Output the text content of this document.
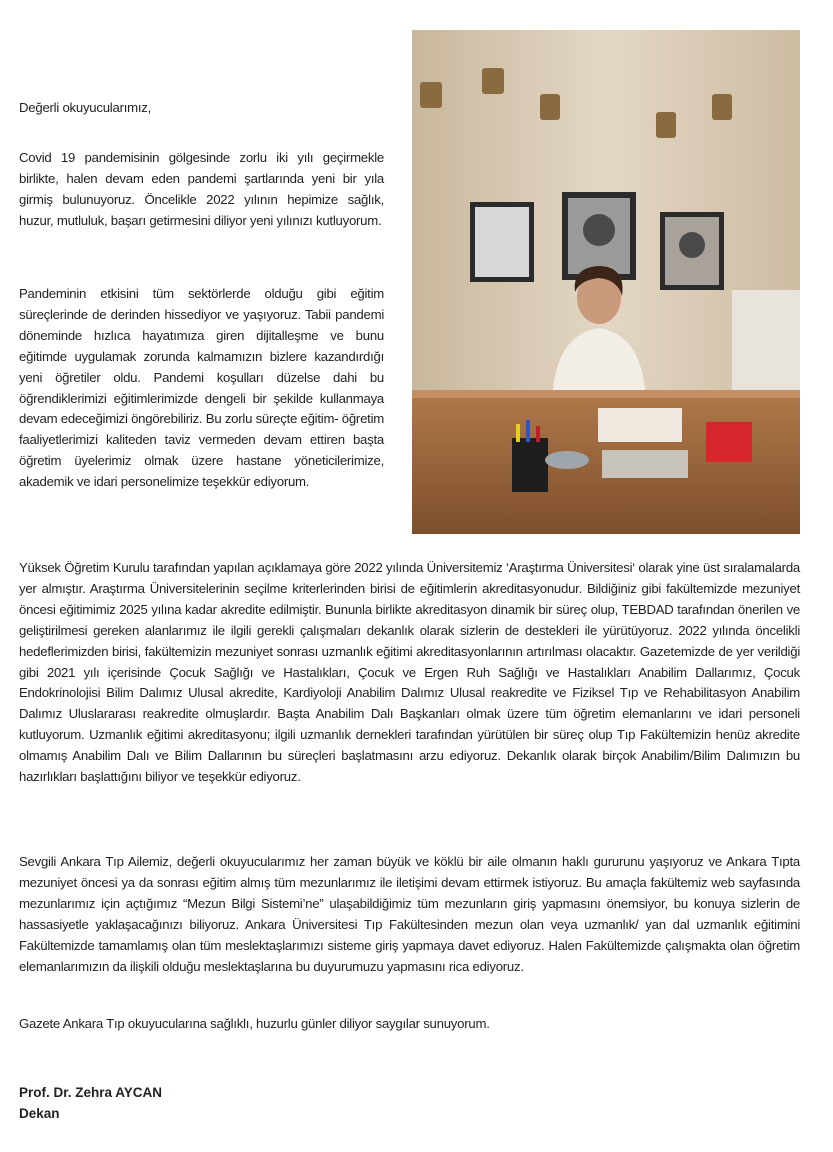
Değerli okuyucularımız,

Covid 19 pandemisinin gölgesinde zorlu iki yılı geçirmekle birlikte, halen devam eden pandemi şartlarında yeni bir yıla girmiş bulunuyoruz. Öncelikle 2022 yılının hepimize sağlık, huzur, mutluluk, başarı getirmesini diliyor yeni yılınızı kutluyorum.

Pandeminin etkisini tüm sektörlerde olduğu gibi eğitim süreçlerinde de derinden hissediyor ve yaşıyoruz. Tabii pandemi döneminde hızlıca hayatımıza giren dijitalleşme ve bunu eğitimde uygulamak zorunda kalmamızın bizlere kazandırdığı yeni öğretiler oldu. Pandemi koşulları düzelse dahi bu öğrendiklerimizi eğitimlerimizde dengeli bir şekilde kullanmaya devam edeceğimizi öngörebiliriz. Bu zorlu süreçte eğitim- öğretim faaliyetlerimizi kaliteden taviz vermeden devam ettiren başta öğretim üyelerimiz olmak üzere hastane yöneticilerimize, akademik ve idari personelimize teşekkür ediyorum.

Yüksek Öğretim Kurulu tarafından yapılan açıklamaya göre 2022 yılında Üniversitemiz ‘Araştırma Üniversitesi‘ olarak yine üst sıralamalarda yer almıştır. Araştırma Üniversitelerinin seçilme kriterlerinden birisi de eğitimlerin akreditasyonudur. Bildiğiniz gibi fakültemizde mezuniyet öncesi eğitimimiz 2025 yılına kadar akredite edilmiştir. Bununla birlikte akreditasyon dinamik bir süreç olup, TEBDAD tarafından önerilen ve geliştirilmesi gereken alanlarımız ile ilgili gerekli çalışmaları dekanlık olarak sizlerin de destekleri ile yürütüyoruz. 2022 yılında öncelikli hedeflerimizden birisi, fakültemizin mezuniyet sonrası uzmanlık eğitimi akreditasyonlarının artırılması olacaktır. Gazetemizde de yer verildiği gibi 2021 yılı içerisinde Çocuk Sağlığı ve Hastalıkları, Çocuk ve Ergen Ruh Sağlığı ve Hastalıkları Anabilim Dallarımız, Çocuk Endokrinolojisi Bilim Dalımız Ulusal akredite, Kardiyoloji Anabilim Dalımız Ulusal reakredite ve Fiziksel Tıp ve Rehabilitasyon Anabilim Dalımız Uluslararası reakredite olmuşlardır. Başta Anabilim Dalı Başkanları olmak üzere tüm öğretim elemanlarını ve idari personeli kutluyorum. Uzmanlık eğitimi akreditasyonu; ilgili uzmanlık dernekleri tarafından yürütülen bir süreç olup Tıp Fakültemizin henüz akredite olmamış Anabilim Dalı ve Bilim Dallarının bu süreçleri başlatmasını arzu ediyoruz. Dekanlık olarak birçok Anabilim/Bilim Dalımızın bu hazırlıkları başlattığını biliyor ve teşekkür ediyoruz.

Sevgili Ankara Tıp Ailemiz, değerli okuyucularımız her zaman büyük ve köklü bir aile olmanın haklı gururunu yaşıyoruz ve Ankara Tıpta mezuniyet öncesi ya da sonrası eğitim almış tüm mezunlarımız ile iletişimi devam ettirmek istiyoruz. Bu amaçla fakültemiz web sayfasında mezunlarımız için açtığımız “Mezun Bilgi Sistemi’ne” ulaşabildiğimiz tüm mezunların giriş yapmasını önemsiyor, bu konuya sizlerin de hassasiyetle yaklaşacağınızı biliyoruz. Ankara Üniversitesi Tıp Fakültesinden mezun olan veya uzmanlık/ yan dal uzmanlık eğitimini Fakültemizde tamamlamış olan tüm meslektaşlarımızı sisteme giriş yapmaya davet ediyoruz. Halen Fakültemizde çalışmakta olan öğretim elemanlarımızın da ilişkili olduğu meslektaşlarına bu duyurumuzu yapmasını rica ediyoruz.

Gazete Ankara Tıp okuyucularına sağlıklı, huzurlu günler diliyor saygılar sunuyorum.

Prof. Dr. Zehra AYCAN
Dekan
